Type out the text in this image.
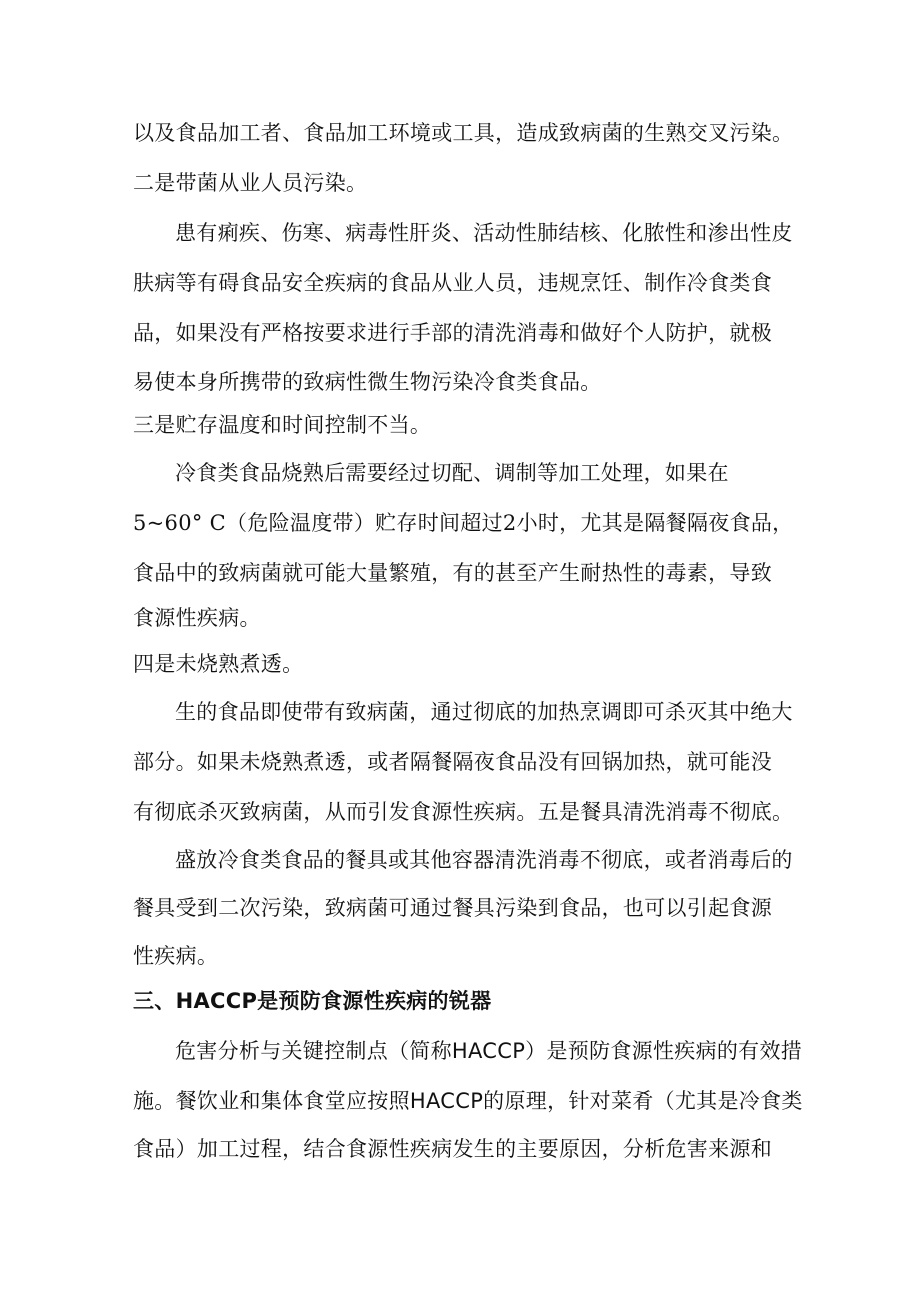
以及食品加工者、食品加工环境或工具，造成致病菌的生熟交叉污染。
二是带菌从业人员污染。
患有痢疾、伤寒、病毒性肝炎、活动性肺结核、化脓性和渗出性皮
肤病等有碍食品安全疾病的食品从业人员，违规烹饪、制作冷食类食
品，如果没有严格按要求进行手部的清洗消毒和做好个人防护，就极
易使本身所携带的致病性微生物污染冷食类食品。
三是贮存温度和时间控制不当。
冷食类食品烧熟后需要经过切配、调制等加工处理，如果在
5~60° C（危险温度带）贮存时间超过2小时，尤其是隔餐隔夜食品，
食品中的致病菌就可能大量繁殖，有的甚至产生耐热性的毒素，导致
食源性疾病。
四是未烧熟煮透。
生的食品即使带有致病菌，通过彻底的加热烹调即可杀灭其中绝大
部分。如果未烧熟煮透，或者隔餐隔夜食品没有回锅加热，就可能没
有彻底杀灭致病菌，从而引发食源性疾病。五是餐具清洗消毒不彻底。
盛放冷食类食品的餐具或其他容器清洗消毒不彻底，或者消毒后的
餐具受到二次污染，致病菌可通过餐具污染到食品，也可以引起食源
性疾病。
三、HACCP是预防食源性疾病的锐器
危害分析与关键控制点（简称HACCP）是预防食源性疾病的有效措
施。餐饮业和集体食堂应按照HACCP的原理，针对菜肴（尤其是冷食类
食品）加工过程，结合食源性疾病发生的主要原因，分析危害来源和
